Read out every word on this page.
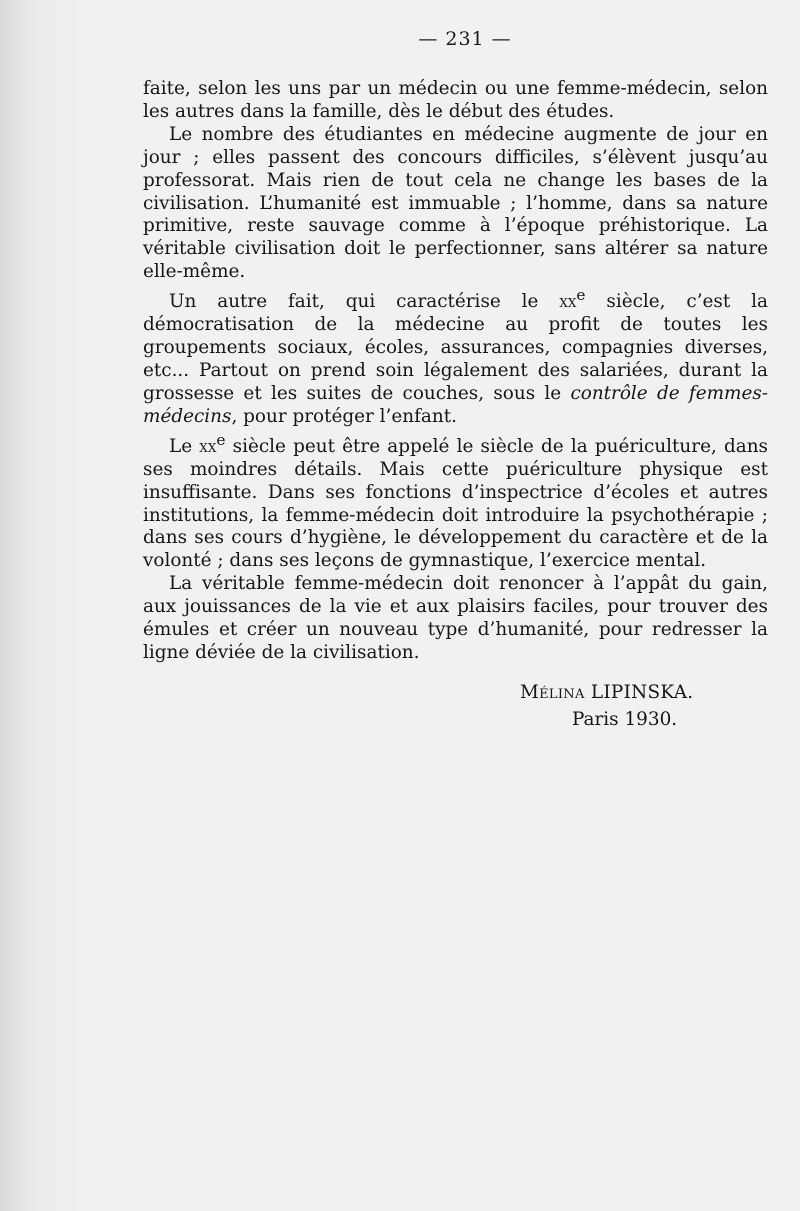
— 231 —

faite, selon les uns par un médecin ou une femme-médecin, selon les autres dans la famille, dès le début des études.

Le nombre des étudiantes en médecine augmente de jour en jour ; elles passent des concours difficiles, s’élèvent jusqu’au professorat. Mais rien de tout cela ne change les bases de la civilisation. L’humanité est immuable ; l’homme, dans sa nature primitive, reste sauvage comme à l’époque préhistorique. La véritable civilisation doit le perfectionner, sans altérer sa nature elle-même.

Un autre fait, qui caractérise le $xx^e$ siècle, c’est la démocratisation de la médecine au profit de toutes les groupements sociaux, écoles, assurances, compagnies diverses, etc... Partout on prend soin légalement des salariées, durant la grossesse et les suites de couches, sous le contrôle de femmes-médecins, pour protéger l’enfant.

Le $xx^e$ siècle peut être appelé le siècle de la puériculture, dans ses moindres détails. Mais cette puériculture physique est insuffisante. Dans ses fonctions d’inspectrice d’écoles et autres institutions, la femme-médecin doit introduire la psychothérapie ; dans ses cours d’hygiène, le développement du caractère et de la volonté ; dans ses leçons de gymnastique, l’exercice mental.

La véritable femme-médecin doit renoncer à l’appât du gain, aux jouissances de la vie et aux plaisirs faciles, pour trouver des émules et créer un nouveau type d’humanité, pour redresser la ligne déviée de la civilisation.

Mélina LIPINSKA.
Paris 1930.
